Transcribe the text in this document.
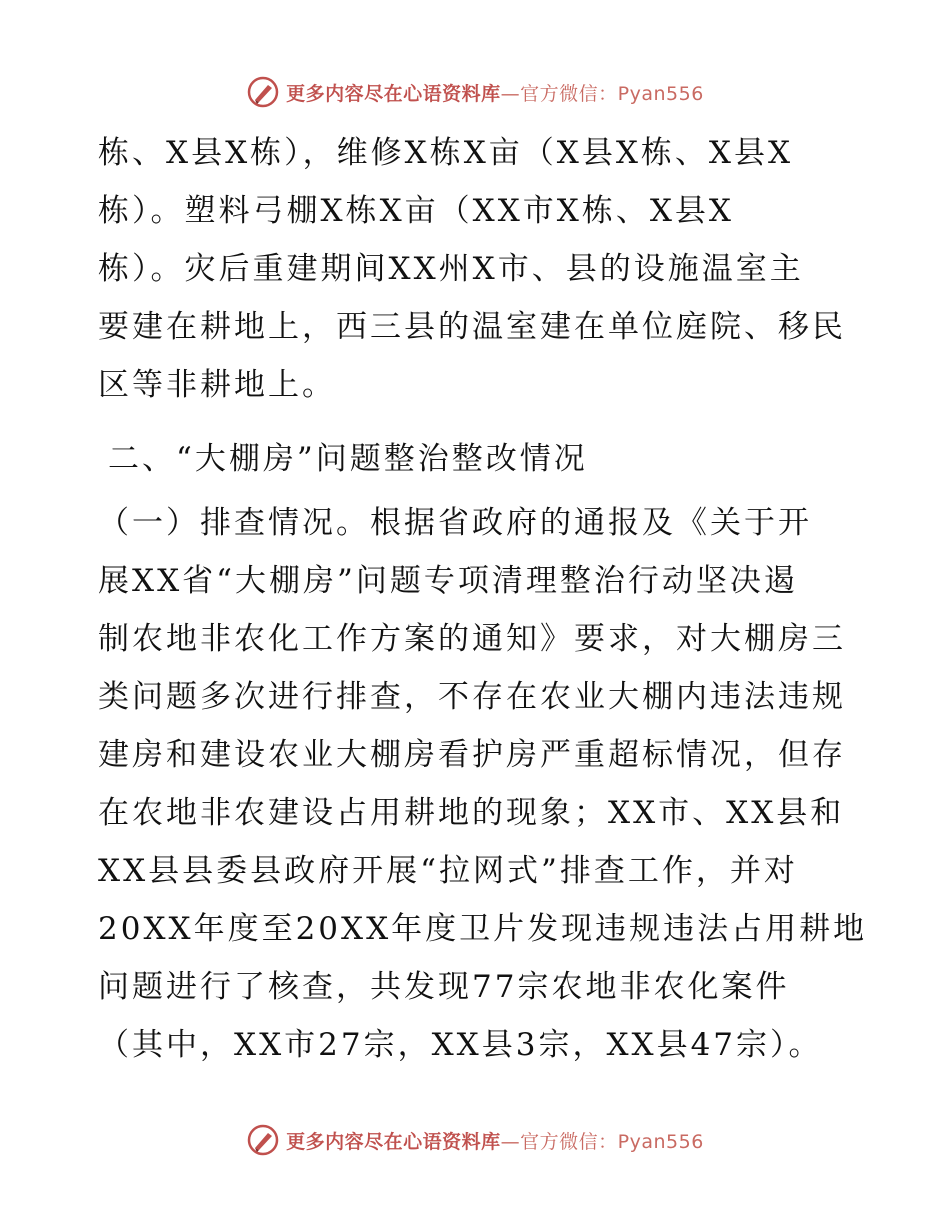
更多内容尽在心语资料库—官方微信：Pyan556
栋、X县X栋），维修X栋X亩（X县X栋、X县X
栋）。塑料弓棚X栋X亩（XX市X栋、X县X
栋）。灾后重建期间XX州X市、县的设施温室主
要建在耕地上，西三县的温室建在单位庭院、移民
区等非耕地上。
二、“大棚房”问题整治整改情况
（一）排查情况。根据省政府的通报及《关于开
展XX省“大棚房”问题专项清理整治行动坚决遏
制农地非农化工作方案的通知》要求，对大棚房三
类问题多次进行排查，不存在农业大棚内违法违规
建房和建设农业大棚房看护房严重超标情况，但存
在农地非农建设占用耕地的现象；XX市、XX县和
XX县县委县政府开展“拉网式”排查工作，并对
20XX年度至20XX年度卫片发现违规违法占用耕地
问题进行了核查，共发现77宗农地非农化案件
（其中，XX市27宗，XX县3宗，XX县47宗）。
更多内容尽在心语资料库—官方微信：Pyan556
